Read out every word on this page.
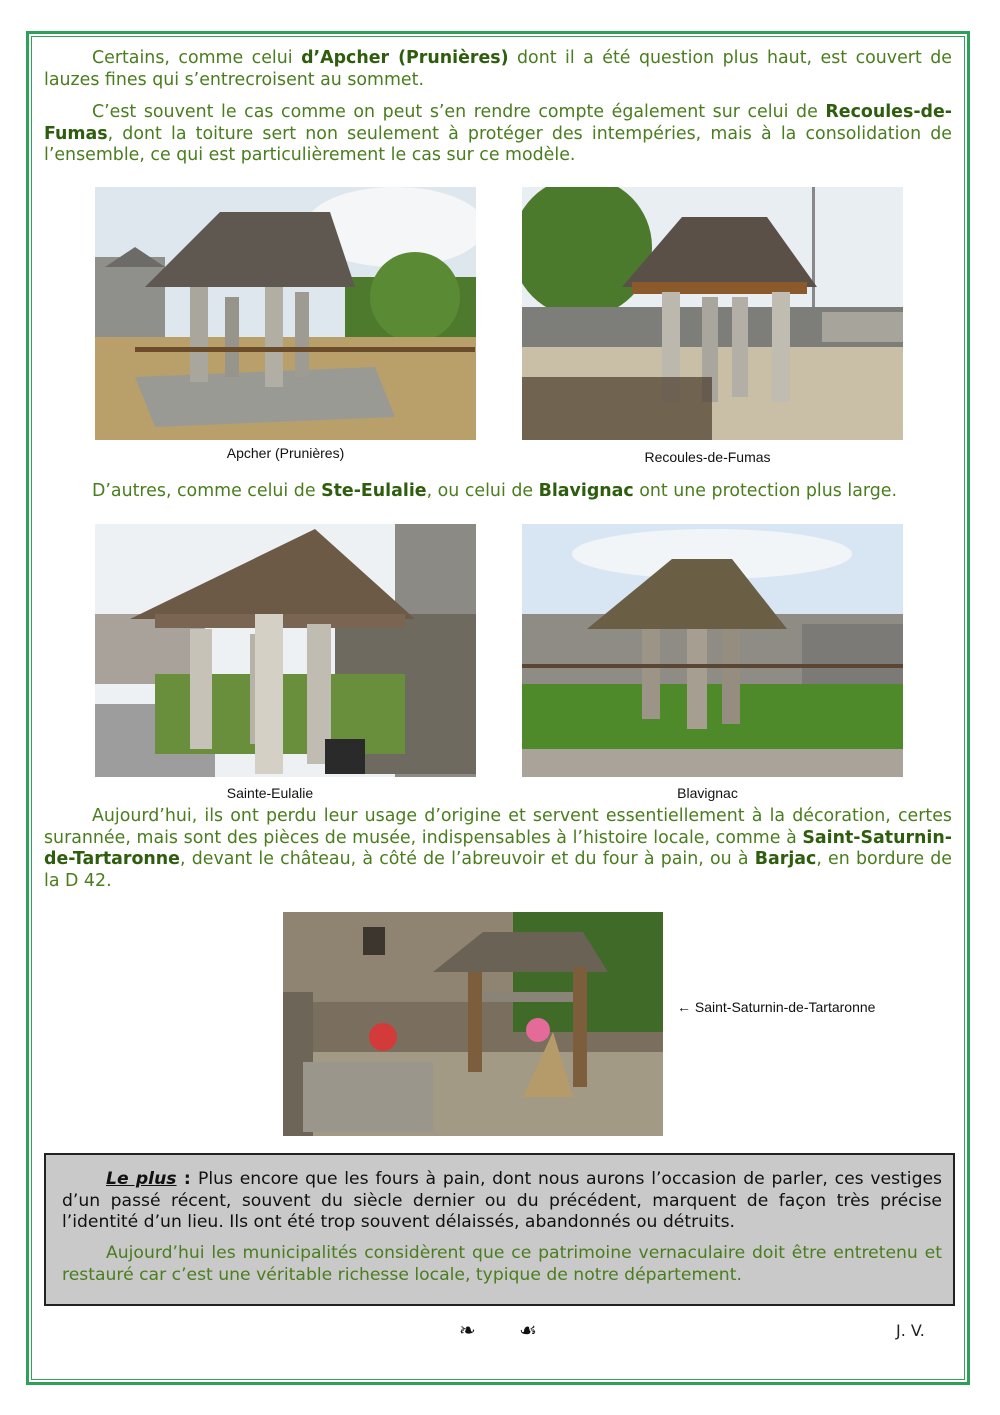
Certains, comme celui d’Apcher (Prunières) dont il a été question plus haut, est couvert de lauzes fines qui s’entrecroisent au sommet.

C’est souvent le cas comme on peut s’en rendre compte également sur celui de Recoules-de-Fumas, dont la toiture sert non seulement à protéger des intempéries, mais à la consolidation de l’ensemble, ce qui est particulièrement le cas sur ce modèle.

Apcher (Prunières)	Recoules-de-Fumas

D’autres, comme celui de Ste-Eulalie, ou celui de Blavignac ont une protection plus large.

Sainte-Eulalie	Blavignac

Aujourd’hui, ils ont perdu leur usage d’origine et servent essentiellement à la décoration, certes surannée, mais sont des pièces de musée, indispensables à l’histoire locale, comme à Saint-Saturnin-de-Tartaronne, devant le château, à côté de l’abreuvoir et du four à pain, ou à Barjac, en bordure de la D 42.

← Saint-Saturnin-de-Tartaronne

Le plus : Plus encore que les fours à pain, dont nous aurons l’occasion de parler, ces vestiges d’un passé récent, souvent du siècle dernier ou du précédent, marquent de façon très précise l’identité d’un lieu. Ils ont été trop souvent délaissés, abandonnés ou détruits.

Aujourd’hui les municipalités considèrent que ce patrimoine vernaculaire doit être entretenu et restauré car c’est une véritable richesse locale, typique de notre département.

❧ ☙	J. V.
